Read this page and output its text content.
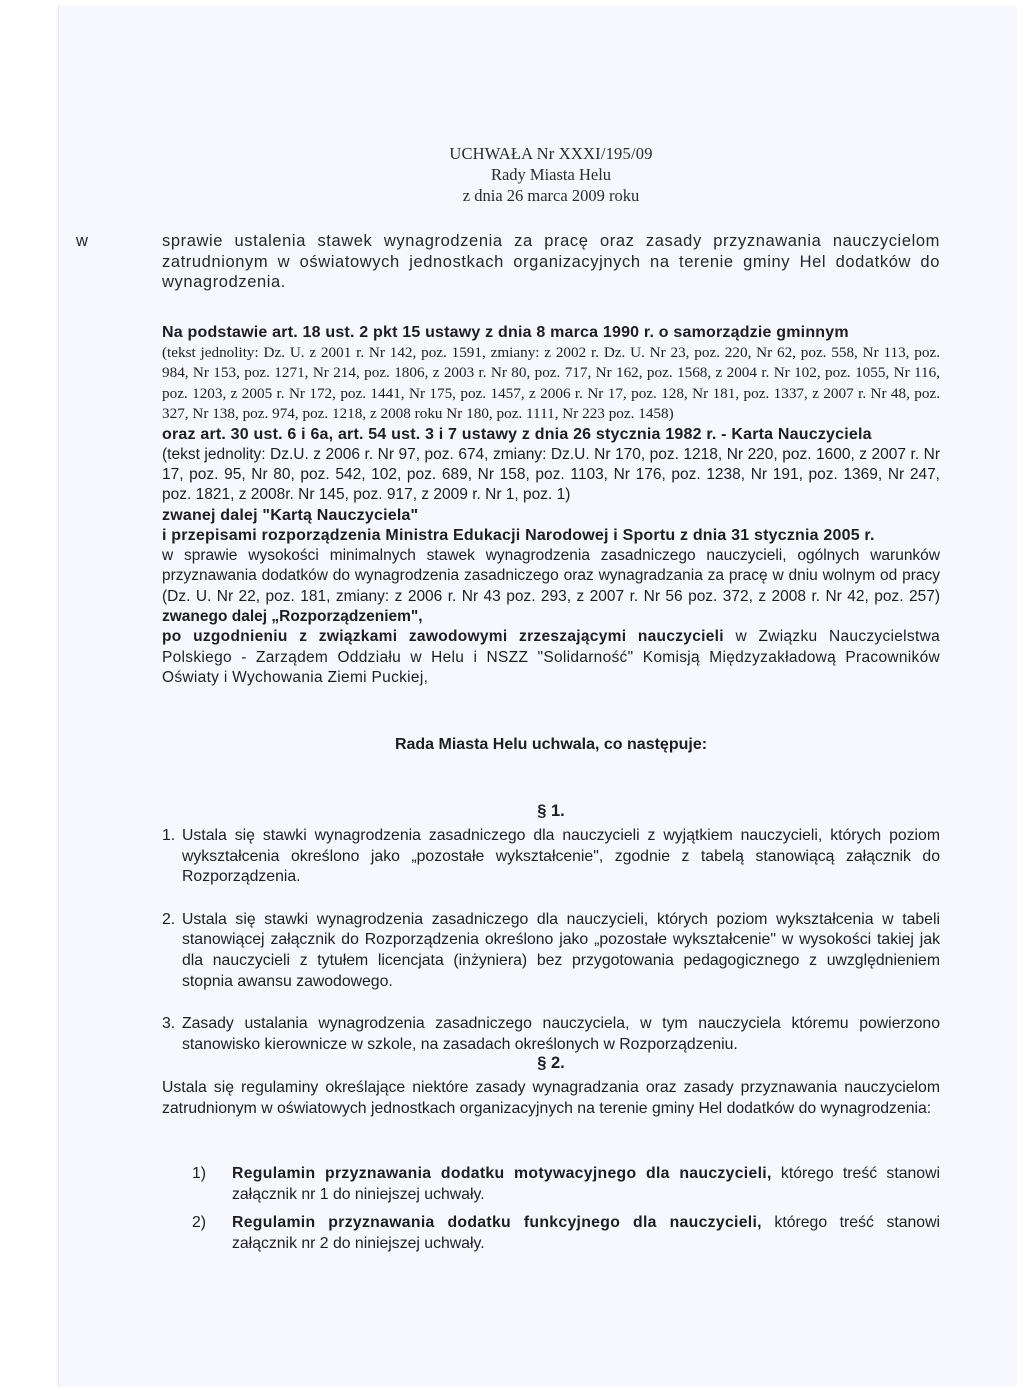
UCHWAŁA Nr XXXI/195/09
Rady Miasta Helu
z dnia 26 marca 2009 roku
w	sprawie ustalenia stawek wynagrodzenia za pracę oraz zasady przyznawania nauczycielom zatrudnionym w oświatowych jednostkach organizacyjnych na terenie gminy Hel dodatków do wynagrodzenia.

Na podstawie art. 18 ust. 2 pkt 15 ustawy z dnia 8 marca 1990 r. o samorządzie gminnym

(tekst jednolity: Dz. U. z 2001 r. Nr 142, poz. 1591, zmiany: z 2002 r. Dz. U. Nr 23, poz. 220, Nr 62, poz. 558, Nr 113, poz. 984, Nr 153, poz. 1271, Nr 214, poz. 1806, z 2003 r. Nr 80, poz. 717, Nr 162, poz. 1568, z 2004 r. Nr 102, poz. 1055, Nr 116, poz. 1203, z 2005 r. Nr 172, poz. 1441, Nr 175, poz. 1457, z 2006 r. Nr 17, poz. 128, Nr 181, poz. 1337, z 2007 r. Nr 48, poz. 327, Nr 138, poz. 974, poz. 1218, z 2008 roku Nr 180, poz. 1111, Nr 223 poz. 1458)

oraz art. 30 ust. 6 i 6a, art. 54 ust. 3 i 7 ustawy z dnia 26 stycznia 1982 r. - Karta Nauczyciela

(tekst jednolity: Dz.U. z 2006 r. Nr 97, poz. 674, zmiany: Dz.U. Nr 170, poz. 1218, Nr 220, poz. 1600, z 2007 r. Nr 17, poz. 95, Nr 80, poz. 542, 102, poz. 689, Nr 158, poz. 1103, Nr 176, poz. 1238, Nr 191, poz. 1369, Nr 247, poz. 1821, z 2008r. Nr 145, poz. 917, z 2009 r. Nr 1, poz. 1)

zwanej dalej "Kartą Nauczyciela"

i przepisami rozporządzenia Ministra Edukacji Narodowej i Sportu z dnia 31 stycznia 2005 r.

w sprawie wysokości minimalnych stawek wynagrodzenia zasadniczego nauczycieli, ogólnych warunków przyznawania dodatków do wynagrodzenia zasadniczego oraz wynagradzania za pracę w dniu wolnym od pracy (Dz. U. Nr 22, poz. 181, zmiany: z 2006 r. Nr 43 poz. 293, z 2007 r. Nr 56 poz. 372, z 2008 r. Nr 42, poz. 257) zwanego dalej „Rozporządzeniem",

po uzgodnieniu z związkami zawodowymi zrzeszającymi nauczycieli w Związku Nauczycielstwa Polskiego - Zarządem Oddziału w Helu i NSZZ "Solidarność" Komisją Międzyzakładową Pracowników Oświaty i Wychowania Ziemi Puckiej,

Rada Miasta Helu uchwala, co następuje:
§ 1.
1. Ustala się stawki wynagrodzenia zasadniczego dla nauczycieli z wyjątkiem nauczycieli, których poziom wykształcenia określono jako „pozostałe wykształcenie", zgodnie z tabelą stanowiącą załącznik do Rozporządzenia.
2. Ustala się stawki wynagrodzenia zasadniczego dla nauczycieli, których poziom wykształcenia w tabeli stanowiącej załącznik do Rozporządzenia określono jako „pozostałe wykształcenie" w wysokości takiej jak dla nauczycieli z tytułem licencjata (inżyniera) bez przygotowania pedagogicznego z uwzględnieniem stopnia awansu zawodowego.
3. Zasady ustalania wynagrodzenia zasadniczego nauczyciela, w tym nauczyciela któremu powierzono stanowisko kierownicze w szkole, na zasadach określonych w Rozporządzeniu.
§ 2.
Ustala się regulaminy określające niektóre zasady wynagradzania oraz zasady przyznawania nauczycielom zatrudnionym w oświatowych jednostkach organizacyjnych na terenie gminy Hel dodatków do wynagrodzenia:
1)	Regulamin przyznawania dodatku motywacyjnego dla nauczycieli, którego treść stanowi załącznik nr 1 do niniejszej uchwały.
2)	Regulamin przyznawania dodatku funkcyjnego dla nauczycieli, którego treść stanowi załącznik nr 2 do niniejszej uchwały.
